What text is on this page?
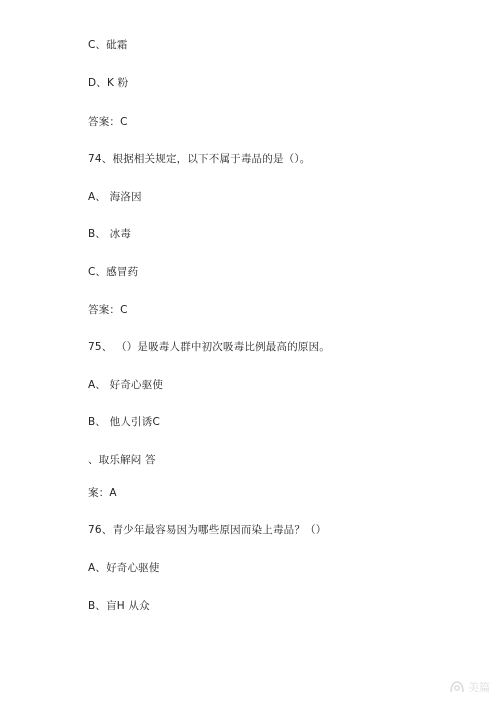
C、砒霜
D、K 粉
答案：C
74、根据相关规定，以下不属于毒品的是（）。
A、 海洛因
B、 冰毒
C、感冒药
答案：C
75、 （）是吸毒人群中初次吸毒比例最高的原因。
A、 好奇心驱使
B、 他人引诱C
、取乐解闷 答
案：A
76、青少年最容易因为哪些原因而染上毒品？（）
A、好奇心驱使
B、盲H 从众
美篇
